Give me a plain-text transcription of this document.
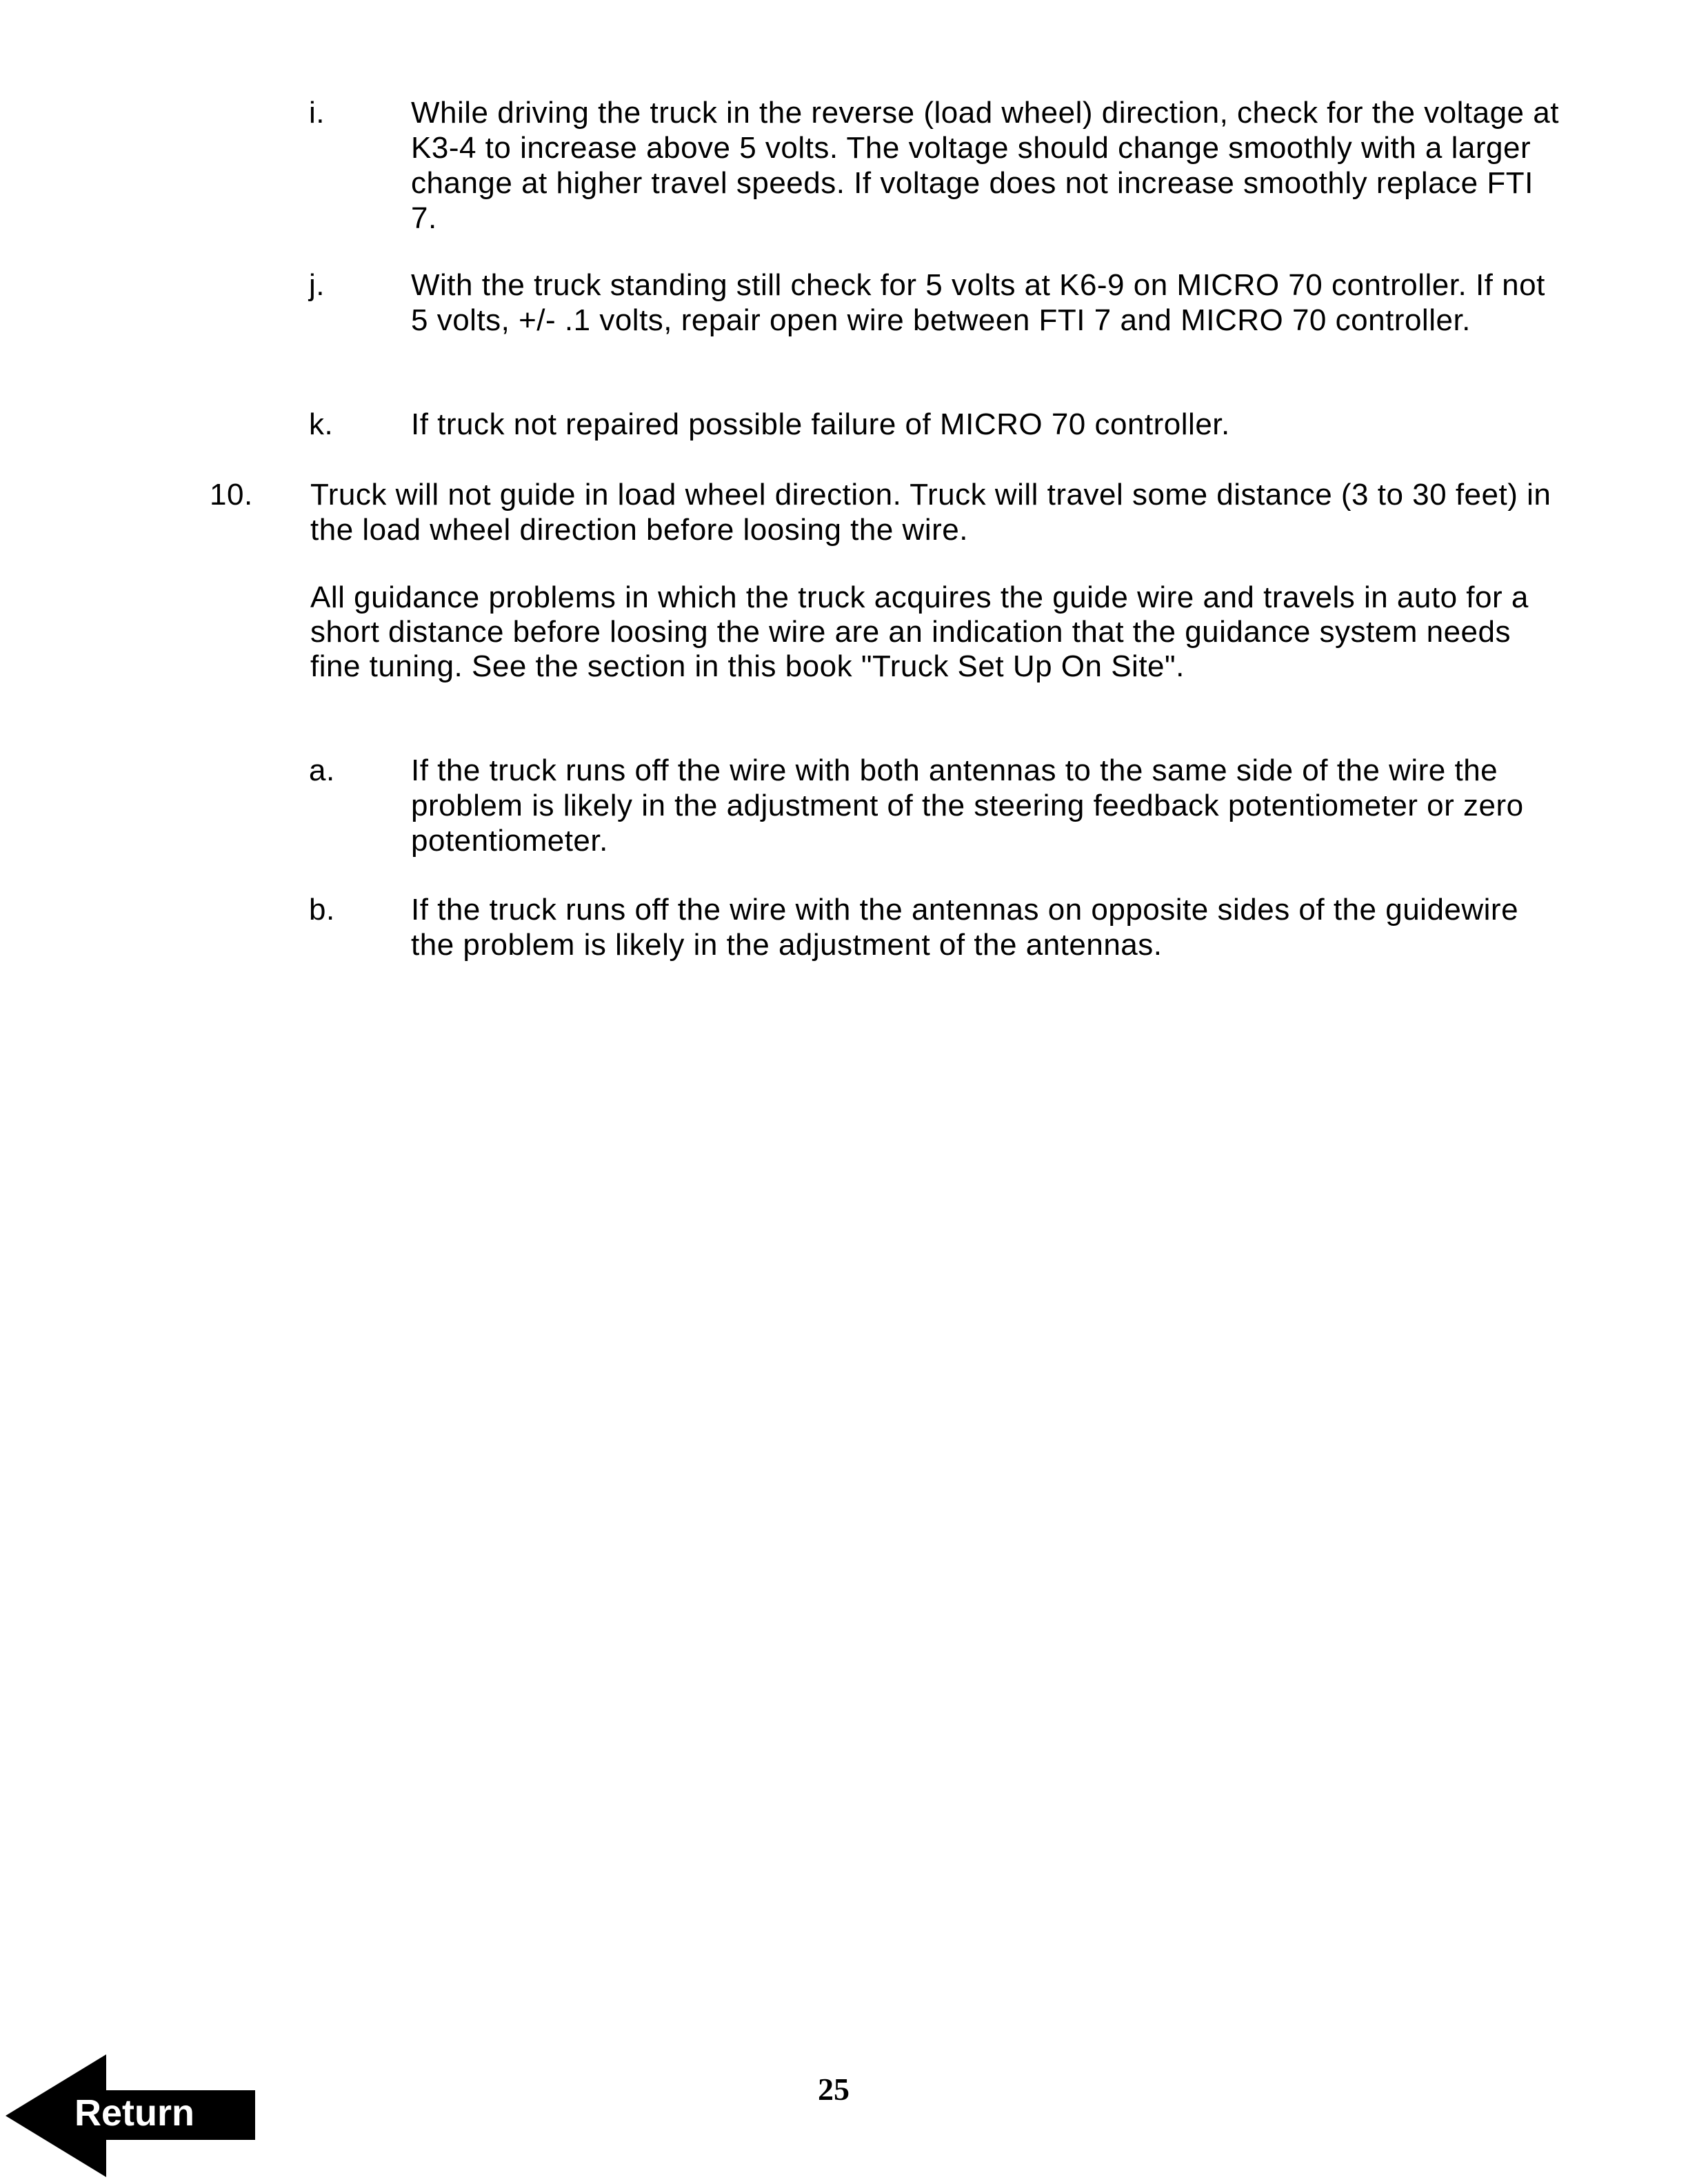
i.	While driving the truck in the reverse (load wheel) direction, check for the voltage at K3-4 to increase above 5 volts. The voltage should change smoothly with a larger change at higher travel speeds. If voltage does not increase smoothly replace FTI 7.
j.	With the truck standing still check for 5 volts at K6-9 on MICRO 70 controller. If not 5 volts, +/- .1 volts, repair open wire between FTI 7 and MICRO 70 controller.
k.	If truck not repaired possible failure of MICRO 70 controller.
10. Truck will not guide in load wheel direction. Truck will travel some distance (3 to 30 feet) in the load wheel direction before loosing the wire.

All guidance problems in which the truck acquires the guide wire and travels in auto for a short distance before loosing the wire are an indication that the guidance system needs fine tuning. See the section in this book "Truck Set Up On Site".

a.	If the truck runs off the wire with both antennas to the same side of the wire the problem is likely in the adjustment of the steering feedback potentiometer or zero potentiometer.
b.	If the truck runs off the wire with the antennas on opposite sides of the guidewire the problem is likely in the adjustment of the antennas.
25
Return
